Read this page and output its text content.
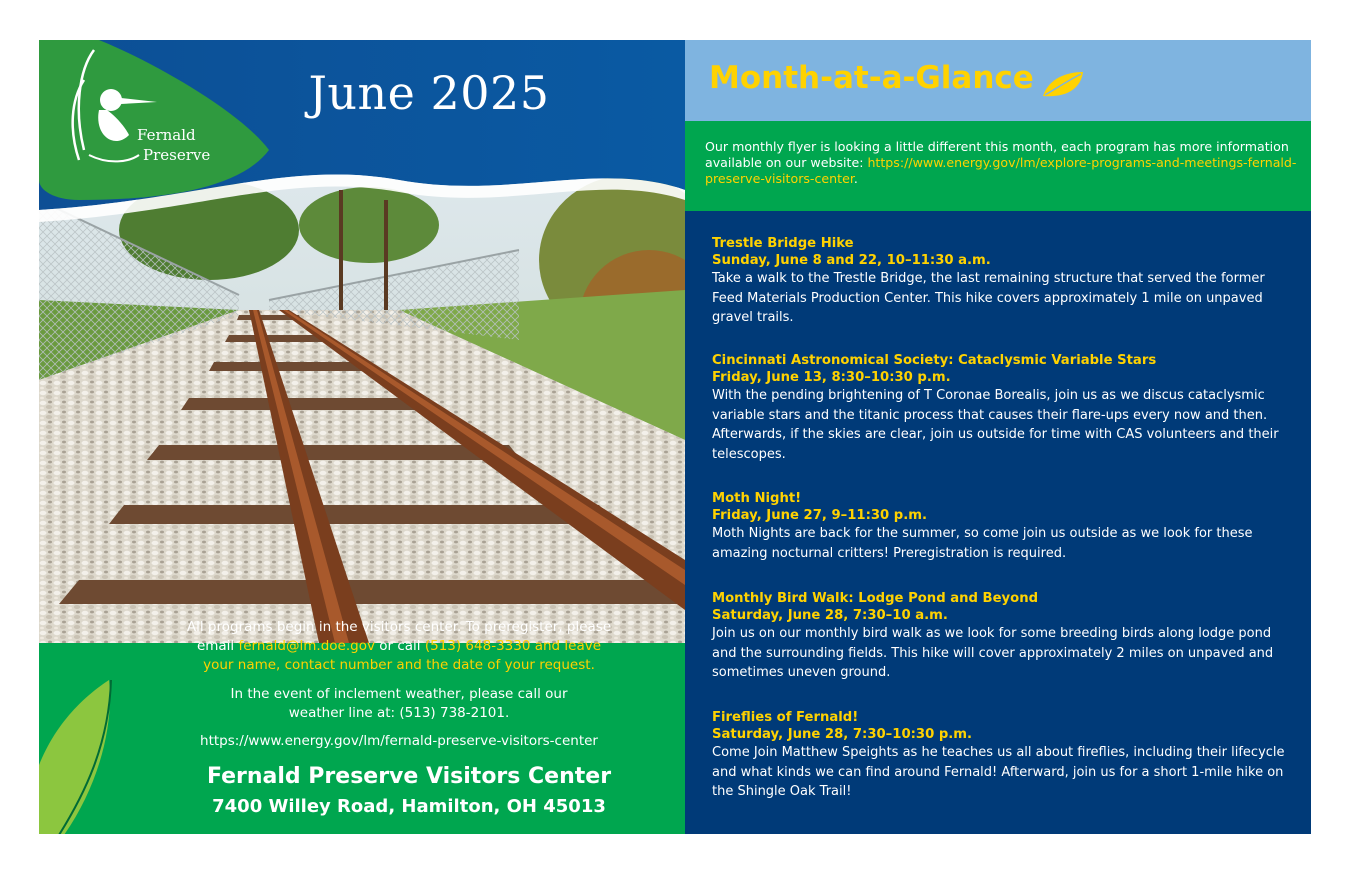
June 2025
Fernald
Preserve
All programs begin in the visitors center. To preregister, please
email fernald@lm.doe.gov or call (513) 648-3330 and leave
your name, contact number and the date of your request.
In the event of inclement weather, please call our
weather line at: (513) 738-2101.
https://www.energy.gov/lm/fernald-preserve-visitors-center
Fernald Preserve Visitors Center
7400 Willey Road, Hamilton, OH 45013
Month-at-a-Glance
Our monthly flyer is looking a little different this month, each program has more information available on our website: https://www.energy.gov/lm/explore-programs-and-meetings-fernald-preserve-visitors-center.
Trestle Bridge Hike
Sunday, June 8 and 22, 10–11:30 a.m.
Take a walk to the Trestle Bridge, the last remaining structure that served the former Feed Materials Production Center. This hike covers approximately 1 mile on unpaved gravel trails.
Cincinnati Astronomical Society: Cataclysmic Variable Stars
Friday, June 13, 8:30–10:30 p.m.
With the pending brightening of T Coronae Borealis, join us as we discus cataclysmic variable stars and the titanic process that causes their flare-ups every now and then. Afterwards, if the skies are clear, join us outside for time with CAS volunteers and their telescopes.
Moth Night!
Friday, June 27, 9–11:30 p.m.
Moth Nights are back for the summer, so come join us outside as we look for these amazing nocturnal critters! Preregistration is required.
Monthly Bird Walk: Lodge Pond and Beyond
Saturday, June 28, 7:30–10 a.m.
Join us on our monthly bird walk as we look for some breeding birds along lodge pond and the surrounding fields. This hike will cover approximately 2 miles on unpaved and sometimes uneven ground.
Fireflies of Fernald!
Saturday, June 28, 7:30–10:30 p.m.
Come Join Matthew Speights as he teaches us all about fireflies, including their lifecycle and what kinds we can find around Fernald! Afterward, join us for a short 1-mile hike on the Shingle Oak Trail!
